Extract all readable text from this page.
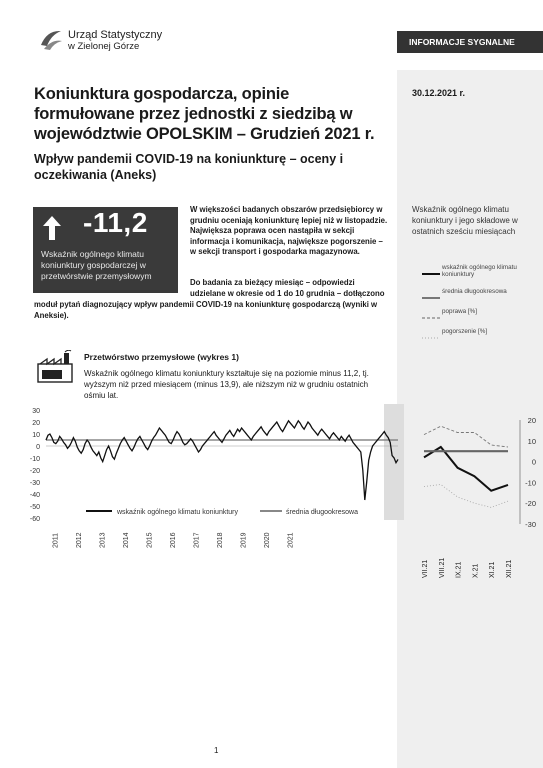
Urząd Statystyczny
w Zielonej Górze	INFORMACJE SYGNALNE
30.12.2021 r.
Koniunktura gospodarcza, opinie formułowane przez jednostki z siedzibą w województwie OPOLSKIM – Grudzień 2021 r.
Wpływ pandemii COVID-19 na koniunkturę – oceny i oczekiwania (Aneks)
-11,2
Wskaźnik ogólnego klimatu koniunktury gospodarczej w przetwórstwie przemysłowym
W większości badanych obszarów przedsiębiorcy w grudniu oceniają koniunkturę lepiej niż w listopadzie. Największa poprawa ocen nastąpiła w sekcji informacja i komunikacja, największe pogorszenie – w sekcji transport i gospodarka magazynowa.
Do badania za bieżący miesiąc – odpowiedzi udzielane w okresie od 1 do 10 grudnia – dotłączono
moduł pytań diagnozujący wpływ pandemii COVID-19 na koniunkturę gospodarczą (wyniki w Aneksie).
Przetwórstwo przemysłowe (wykres 1)
Wskaźnik ogólnego klimatu koniunktury kształtuje się na poziomie minus 11,2, tj. wyższym niż przed miesiącem (minus 13,9), ale niższym niż w grudniu ostatnich ośmiu lat.
30
20
10
0
-10
-20
-30
-40
-50
-60
2011 2012 2013 2014 2015 2016 2017 2018 2019 2020 2021
wskaźnik ogólnego klimatu koniunktury	średnia długookresowa
Wskaźnik ogólnego klimatu koniunktury i jego składowe w ostatnich sześciu miesiącach
wskaźnik ogólnego klimatu koniunktury
średnia długookresowa
poprawa [%]
pogorszenie [%]
20
10
0
-10
-20
-30
VII.21 VIII.21 IX.21 X.21 XI.21 XII.21
1
